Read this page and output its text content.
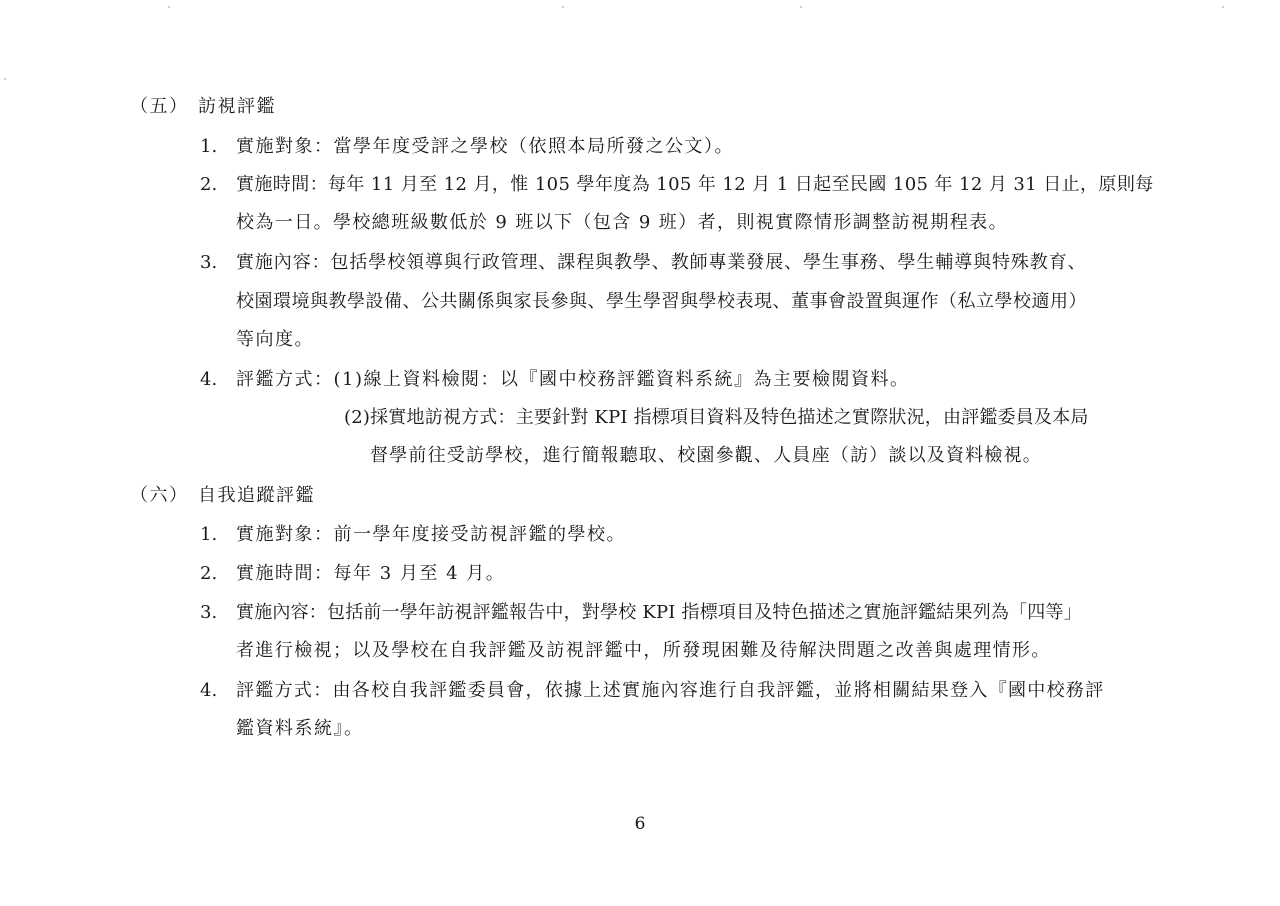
（五） 訪視評鑑
1. 實施對象：當學年度受評之學校（依照本局所發之公文）。
2. 實施時間：每年 11 月至 12 月，惟 105 學年度為 105 年 12 月 1 日起至民國 105 年 12 月 31 日止，原則每
校為一日。學校總班級數低於 9 班以下（包含 9 班）者，則視實際情形調整訪視期程表。
3. 實施內容：包括學校領導與行政管理、課程與教學、教師專業發展、學生事務、學生輔導與特殊教育、
校園環境與教學設備、公共關係與家長參與、學生學習與學校表現、董事會設置與運作（私立學校適用）
等向度。
4. 評鑑方式：(1)線上資料檢閱：以『國中校務評鑑資料系統』為主要檢閱資料。
(2)採實地訪視方式：主要針對 KPI 指標項目資料及特色描述之實際狀況，由評鑑委員及本局
督學前往受訪學校，進行簡報聽取、校園參觀、人員座（訪）談以及資料檢視。
（六） 自我追蹤評鑑
1. 實施對象：前一學年度接受訪視評鑑的學校。
2. 實施時間：每年 3 月至 4 月。
3. 實施內容：包括前一學年訪視評鑑報告中，對學校 KPI 指標項目及特色描述之實施評鑑結果列為「四等」
者進行檢視；以及學校在自我評鑑及訪視評鑑中，所發現困難及待解決問題之改善與處理情形。
4. 評鑑方式：由各校自我評鑑委員會，依據上述實施內容進行自我評鑑，並將相關結果登入『國中校務評
鑑資料系統』。
6
